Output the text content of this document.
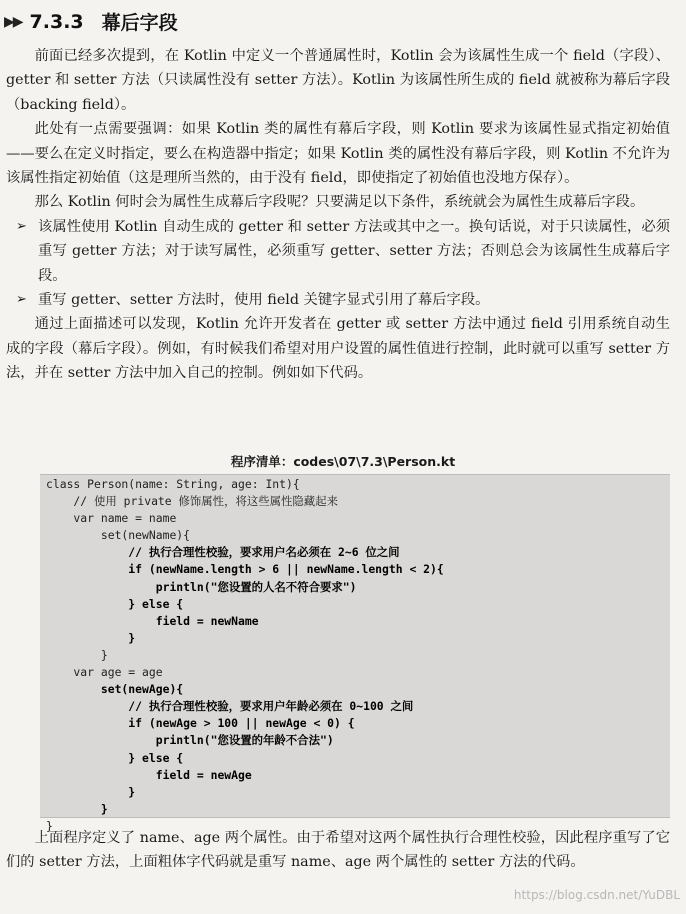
▶▶ 7.3.3 幕后字段

前面已经多次提到，在 Kotlin 中定义一个普通属性时，Kotlin 会为该属性生成一个 field（字段）、getter 和 setter 方法（只读属性没有 setter 方法）。Kotlin 为该属性所生成的 field 就被称为幕后字段（backing field）。

此处有一点需要强调：如果 Kotlin 类的属性有幕后字段，则 Kotlin 要求为该属性显式指定初始值——要么在定义时指定，要么在构造器中指定；如果 Kotlin 类的属性没有幕后字段，则 Kotlin 不允许为该属性指定初始值（这是理所当然的，由于没有 field，即使指定了初始值也没地方保存）。

那么 Kotlin 何时会为属性生成幕后字段呢？只要满足以下条件，系统就会为属性生成幕后字段。

➢ 该属性使用 Kotlin 自动生成的 getter 和 setter 方法或其中之一。换句话说，对于只读属性，必须重写 getter 方法；对于读写属性，必须重写 getter、setter 方法；否则总会为该属性生成幕后字段。

➢ 重写 getter、setter 方法时，使用 field 关键字显式引用了幕后字段。

通过上面描述可以发现，Kotlin 允许开发者在 getter 或 setter 方法中通过 field 引用系统自动生成的字段（幕后字段）。例如，有时候我们希望对用户设置的属性值进行控制，此时就可以重写 setter 方法，并在 setter 方法中加入自己的控制。例如如下代码。

程序清单：codes\07\7.3\Person.kt
class Person(name: String, age: Int){
// 使用 private 修饰属性，将这些属性隐藏起来
var name = name
set(newName){
// 执行合理性校验，要求用户名必须在 2~6 位之间
if (newName.length > 6 || newName.length < 2){
println("您设置的人名不符合要求")
} else {
field = newName
}
}
var age = age
set(newAge){
// 执行合理性校验，要求用户年龄必须在 0~100 之间
if (newAge > 100 || newAge < 0) {
println("您设置的年龄不合法")
} else {
field = newAge
}
}
}

上面程序定义了 name、age 两个属性。由于希望对这两个属性执行合理性校验，因此程序重写了它们的 setter 方法，上面粗体字代码就是重写 name、age 两个属性的 setter 方法的代码。

https://blog.csdn.net/YuDBL
